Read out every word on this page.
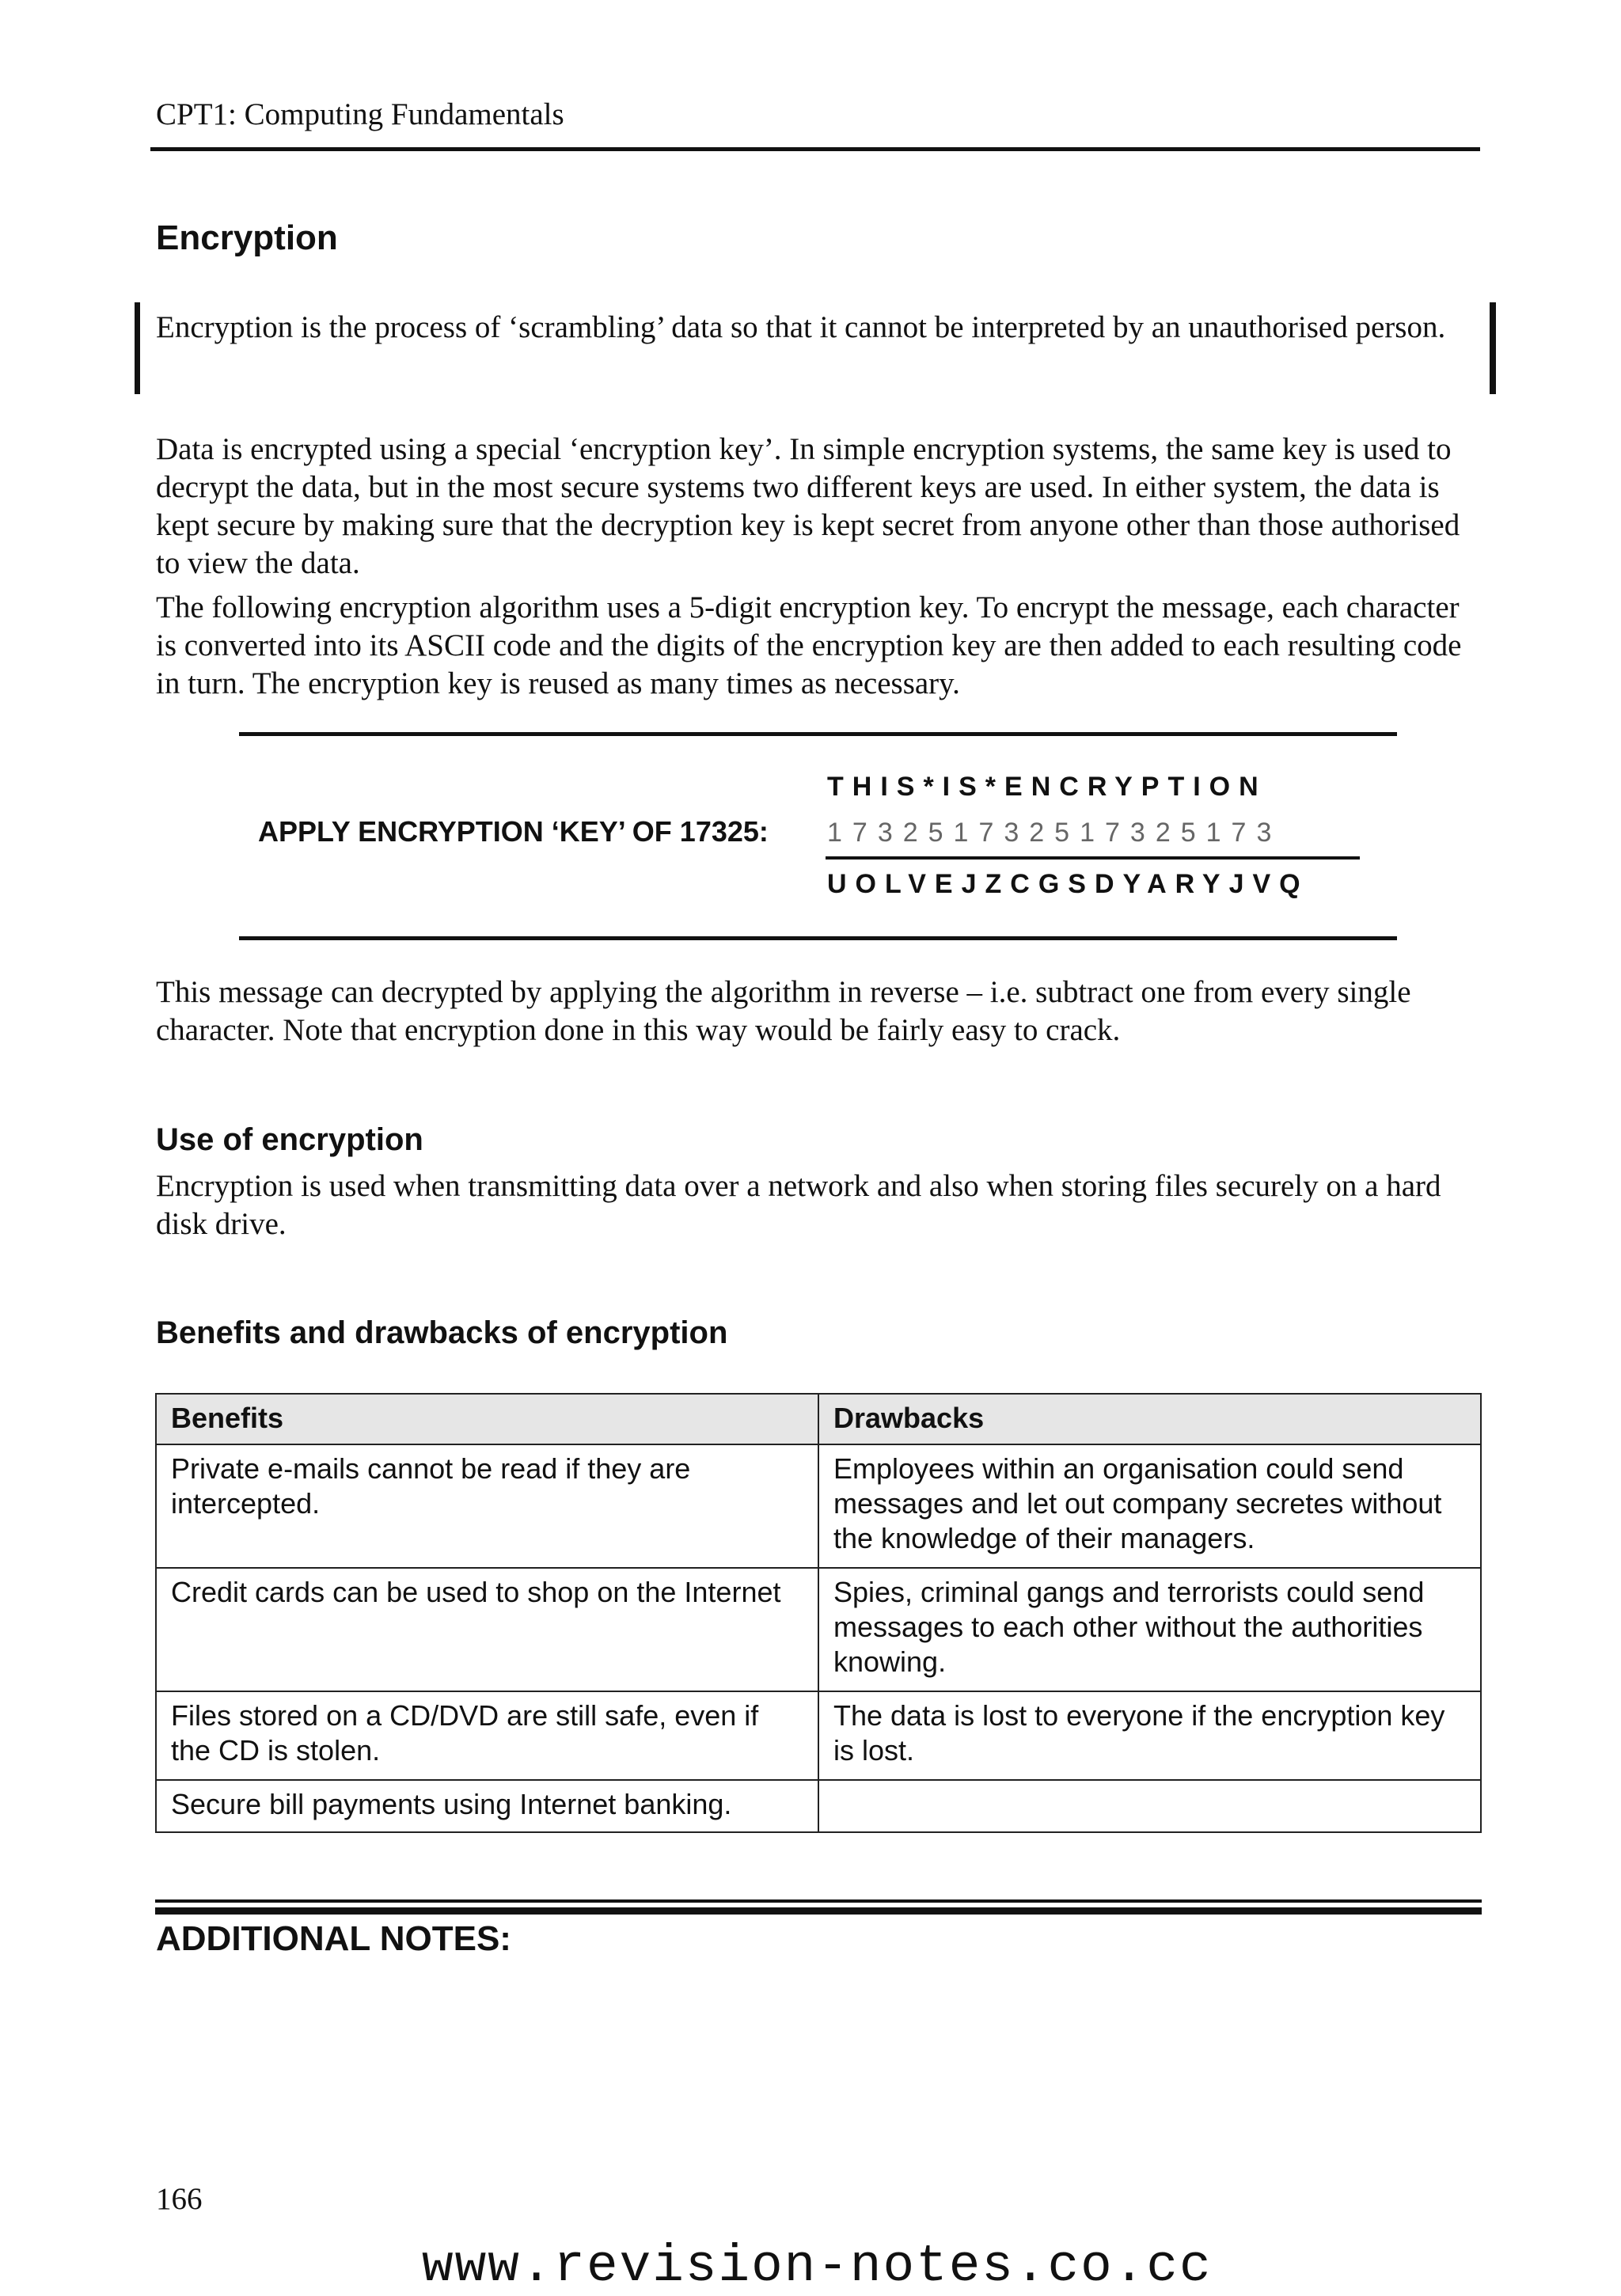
CPT1: Computing Fundamentals
Encryption
Encryption is the process of ‘scrambling’ data so that it cannot be interpreted by an unauthorised person.
Data is encrypted using a special ‘encryption key’. In simple encryption systems, the same key is used to decrypt the data, but in the most secure systems two different keys are used. In either system, the data is kept secure by making sure that the decryption key is kept secret from anyone other than those authorised to view the data.
The following encryption algorithm uses a 5-digit encryption key. To encrypt the message, each character is converted into its ASCII code and the digits of the encryption key are then added to each resulting code in turn. The encryption key is reused as many times as necessary.
THIS*IS*ENCRYPTION
APPLY ENCRYPTION ‘KEY’ OF 17325: 173251732517325173
UOLVEJZCGSDYARYJVQ
This message can decrypted by applying the algorithm in reverse – i.e. subtract one from every single character. Note that encryption done in this way would be fairly easy to crack.
Use of encryption
Encryption is used when transmitting data over a network and also when storing files securely on a hard disk drive.
Benefits and drawbacks of encryption
Benefits	Drawbacks
Private e-mails cannot be read if they are intercepted.	Employees within an organisation could send messages and let out company secretes without the knowledge of their managers.
Credit cards can be used to shop on the Internet	Spies, criminal gangs and terrorists could send messages to each other without the authorities knowing.
Files stored on a CD/DVD are still safe, even if the CD is stolen.	The data is lost to everyone if the encryption key is lost.
Secure bill payments using Internet banking.	
ADDITIONAL NOTES:
166
www.revision-notes.co.cc
